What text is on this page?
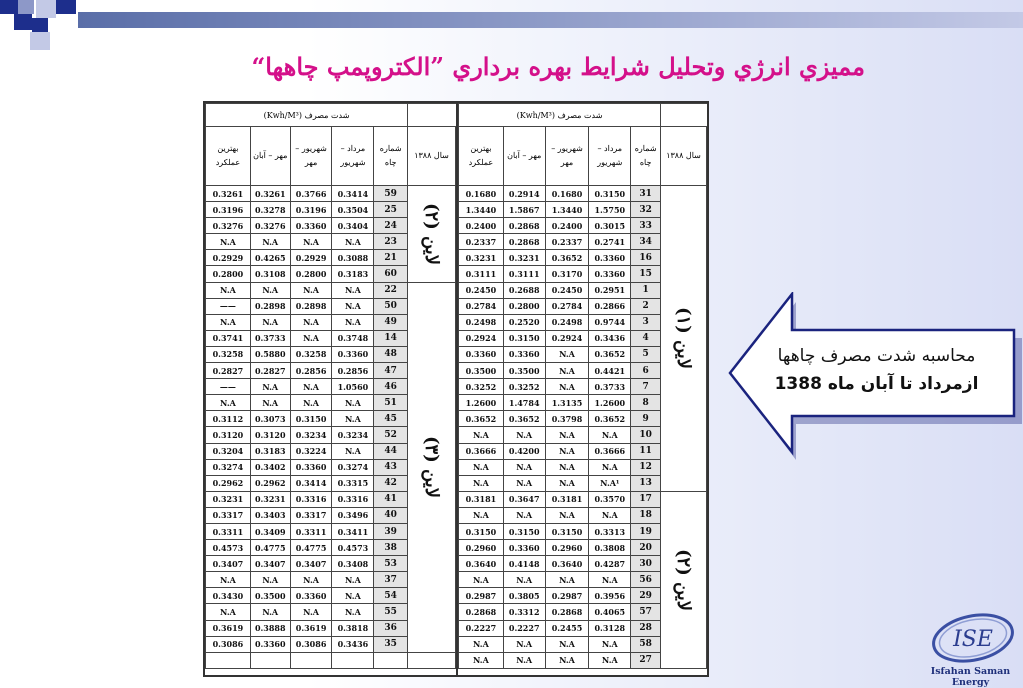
مميزي انرژي وتحليل شرايط بهره برداري ”الكتروپمپ چاهها“
	شدت مصرف (Kwh/M³)				
سال ۱۳۸۸	شماره چاه	مرداد – شهريور	شهريور – مهر	مهر – آبان	بهترين عملكرد
لاين (۱)	31	0.3150	0.1680	0.2914	0.1680
	32	1.5750	1.3440	1.5867	1.3440
	33	0.3015	0.2400	0.2868	0.2400
	34	0.2741	0.2337	0.2868	0.2337
	16	0.3360	0.3652	0.3231	0.3231
	15	0.3360	0.3170	0.3111	0.3111
	1	0.2951	0.2450	0.2688	0.2450
	2	0.2866	0.2784	0.2800	0.2784
	3	0.9744	0.2498	0.2520	0.2498
	4	0.3436	0.2924	0.3150	0.2924
	5	0.3652	N.A	0.3360	0.3360
	6	0.4421	N.A	0.3500	0.3500
	7	0.3733	N.A	0.3252	0.3252
	8	1.2600	1.3135	1.4784	1.2600
	9	0.3652	0.3798	0.3652	0.3652
	10	N.A	N.A	N.A	N.A
	11	0.3666	N.A	0.4200	0.3666
	12	N.A	N.A	N.A	N.A
	13	N.A¹	N.A	N.A	N.A
لاين (۲)	17	0.3570	0.3181	0.3647	0.3181
	18	N.A	N.A	N.A	N.A
	19	0.3313	0.3150	0.3150	0.3150
	20	0.3808	0.2960	0.3360	0.2960
	30	0.4287	0.3640	0.4148	0.3640
	56	N.A	N.A	N.A	N.A
	29	0.3956	0.2987	0.3805	0.2987
	57	0.4065	0.2868	0.3312	0.2868
	28	0.3128	0.2455	0.2227	0.2227
	58	N.A	N.A	N.A	N.A
	27	N.A	N.A	N.A	N.A
	شدت مصرف (Kwh/M³)				
سال ۱۳۸۸	شماره چاه	مرداد – شهريور	شهريور – مهر	مهر – آبان	بهترين عملكرد
لاين (۲)	59	0.3414	0.3766	0.3261	0.3261
	25	0.3504	0.3196	0.3278	0.3196
	24	0.3404	0.3360	0.3276	0.3276
	23	N.A	N.A	N.A	N.A
	21	0.3088	0.2929	0.4265	0.2929
	60	0.3183	0.2800	0.3108	0.2800
لاين (۳)	22	N.A	N.A	N.A	N.A
	50	N.A	0.2898	0.2898	——
	49	N.A	N.A	N.A	N.A
	14	0.3748	N.A	0.3733	0.3741
	48	0.3360	0.3258	0.5880	0.3258
	47	0.2856	0.2856	0.2827	0.2827
	46	1.0560	N.A	N.A	——
	51	N.A	N.A	N.A	N.A
	45	N.A	0.3150	0.3073	0.3112
	52	0.3234	0.3234	0.3120	0.3120
	44	N.A	0.3224	0.3183	0.3204
	43	0.3274	0.3360	0.3402	0.3274
	42	0.3315	0.3414	0.2962	0.2962
	41	0.3316	0.3316	0.3231	0.3231
	40	0.3496	0.3317	0.3403	0.3317
	39	0.3411	0.3311	0.3409	0.3311
	38	0.4573	0.4775	0.4775	0.4573
	53	0.3408	0.3407	0.3407	0.3407
	37	N.A	N.A	N.A	N.A
	54	N.A	0.3360	0.3500	0.3430
	55	N.A	N.A	N.A	N.A
	36	0.3818	0.3619	0.3888	0.3619
	35	0.3436	0.3086	0.3360	0.3086

محاسبه شدت مصرف چاهها
ازمرداد تا آبان ماه 1388
ISE
Isfahan Saman Energy
